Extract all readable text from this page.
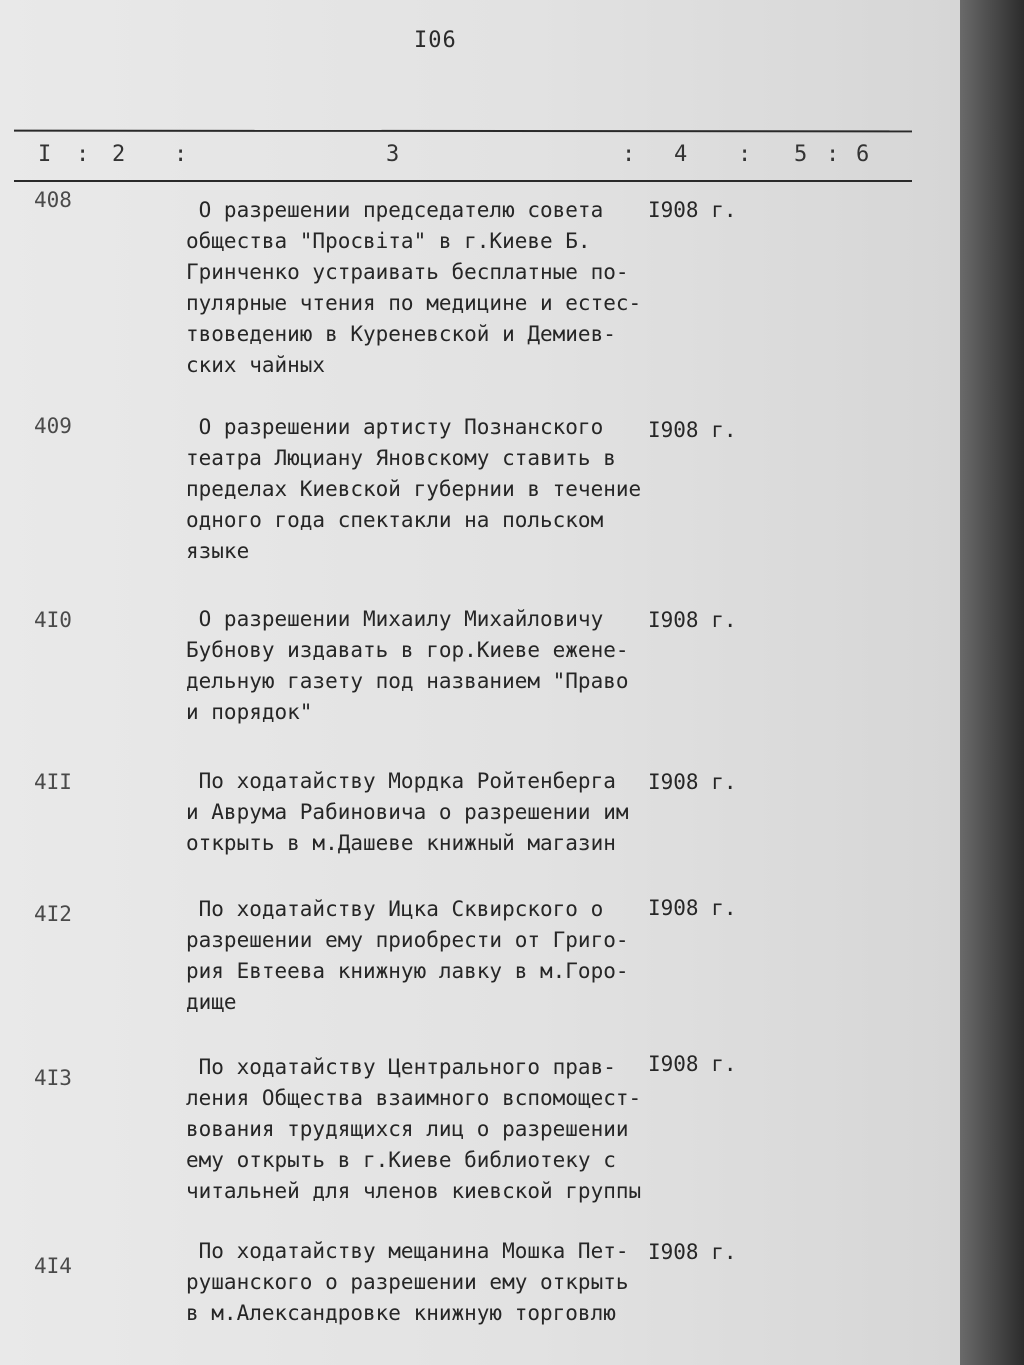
I06
I : 2 :	3	: 4 : 5 : 6
408	О разрешении председателю совета
общества "Просвіта" в г.Киеве Б.
Гринченко устраивать бесплатные по-
пулярные чтения по медицине и естес-
твоведению в Куреневской и Демиев-
ских чайных
I908 г.
409	О разрешении артисту Познанского
театра Люциану Яновскому ставить в
пределах Киевской губернии в течение
одного года спектакли на польском
языке
I908 г.
4I0	О разрешении Михаилу Михайловичу
Бубнову издавать в гор.Киеве еженe-
дельную газету под названием "Право
и порядок"
I908 г.
4II	По ходатайству Мордка Ройтенберга
и Аврума Рабиновича о разрешении им
открыть в м.Дашеве книжный магазин
I908 г.
4I2	По ходатайству Ицка Сквирского о
разрешении ему приобрести от Григо-
рия Евтеева книжную лавку в м.Горо-
дище
I908 г.
4I3	По ходатайству Центрального прав-
ления Общества взаимного вспомощест-
вования трудящихся лиц о разрешении
ему открыть в г.Киеве библиотеку с
читальней для членов киевской группы
I908 г.
4I4
По ходатайству мещанина Мошка Пет-
рушанского о разрешении ему открыть
в м.Александровке книжную торговлю
I908 г.
